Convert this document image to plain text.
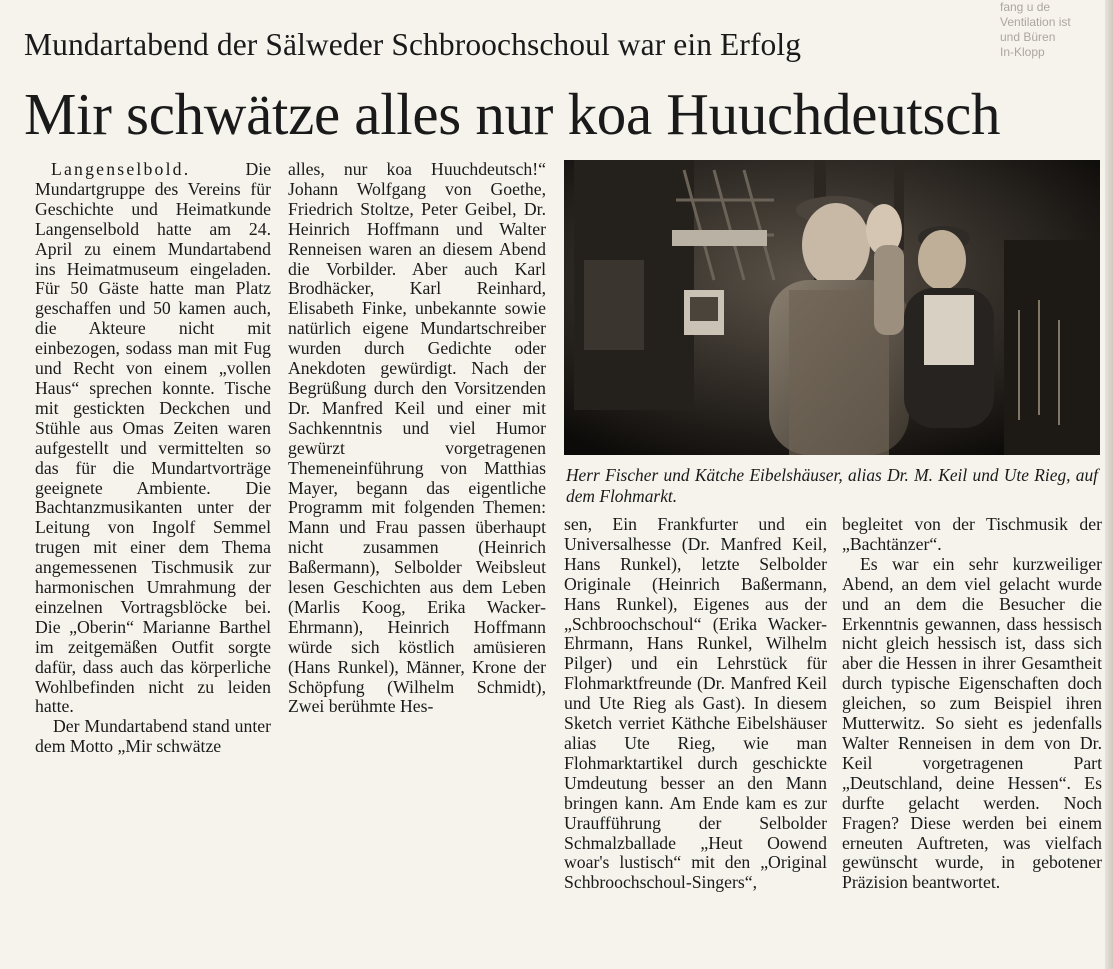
fang u de
Ventilation ist
und Büren
In-Klopp
Mundartabend der Sälweder Schbroochschoul war ein Erfolg
Mir schwätze alles nur koa Huuchdeutsch

Langenselbold.	Die Mundartgruppe des Vereins für Geschichte und Heimatkunde Langenselbold hatte am 24. April zu einem Mundartabend ins Heimatmuseum eingeladen. Für 50 Gäste hatte man Platz geschaffen und 50 kamen auch, die Akteure nicht mit einbezogen, sodass man mit Fug und Recht von einem „vollen Haus“ sprechen konnte. Tische mit gestickten Deckchen und Stühle aus Omas Zeiten waren aufgestellt und vermittelten so das für die Mundartvorträge geeignete Ambiente. Die Bachtanzmusikanten unter der Leitung von Ingolf Semmel trugen mit einer dem Thema angemessenen Tischmusik zur harmonischen Umrahmung der einzelnen Vortragsblöcke bei. Die „Oberin“ Marianne Barthel im zeitgemäßen Outfit sorgte dafür, dass auch das körperliche Wohlbefinden nicht zu leiden hatte.

Der Mundartabend stand unter dem Motto „Mir schwätze

alles, nur koa Huuchdeutsch!“ Johann Wolfgang von Goethe, Friedrich Stoltze, Peter Geibel, Dr. Heinrich Hoffmann und Walter Renneisen waren an diesem Abend die Vorbilder. Aber auch Karl Brodhäcker, Karl Reinhard, Elisabeth Finke, unbekannte sowie natürlich eigene Mundartschreiber wurden durch Gedichte oder Anekdoten gewürdigt. Nach der Begrüßung durch den Vorsitzenden Dr. Manfred Keil und einer mit Sachkenntnis und viel Humor gewürzt vorgetragenen Themeneinführung von Matthias Mayer, begann das eigentliche Programm mit folgenden Themen: Mann und Frau passen überhaupt nicht zusammen (Heinrich Baßermann), Selbolder Weibsleut lesen Geschichten aus dem Leben (Marlis Koog, Erika Wacker-Ehrmann), Heinrich Hoffmann würde sich köstlich amüsieren (Hans Runkel), Männer, Krone der Schöpfung (Wilhelm Schmidt), Zwei berühmte Hes-

Herr Fischer und Kätche Eibelshäuser, alias Dr. M. Keil und Ute Rieg, auf dem Flohmarkt.

sen, Ein Frankfurter und ein Universalhesse (Dr. Manfred Keil, Hans Runkel), letzte Selbolder Originale (Heinrich Baßermann, Hans Runkel), Eigenes aus der „Schbroochschoul“ (Erika Wacker-Ehrmann, Hans Runkel, Wilhelm Pilger) und ein Lehrstück für Flohmarktfreunde (Dr. Manfred Keil und Ute Rieg als Gast). In diesem Sketch verriet Käthche Eibelshäuser alias Ute Rieg, wie man Flohmarktartikel durch geschickte Umdeutung besser an den Mann bringen kann. Am Ende kam es zur Uraufführung der Selbolder Schmalzballade „Heut Oowend woar's lustisch“ mit den „Original Schbroochschoul-Singers“,

begleitet von der Tischmusik der „Bachtänzer“.

Es war ein sehr kurzweiliger Abend, an dem viel gelacht wurde und an dem die Besucher die Erkenntnis gewannen, dass hessisch nicht gleich hessisch ist, dass sich aber die Hessen in ihrer Gesamtheit durch typische Eigenschaften doch gleichen, so zum Beispiel ihren Mutterwitz. So sieht es jedenfalls Walter Renneisen in dem von Dr. Keil vorgetragenen Part „Deutschland, deine Hessen“. Es durfte gelacht werden. Noch Fragen? Diese werden bei einem erneuten Auftreten, was vielfach gewünscht wurde, in gebotener Präzision beantwortet.
